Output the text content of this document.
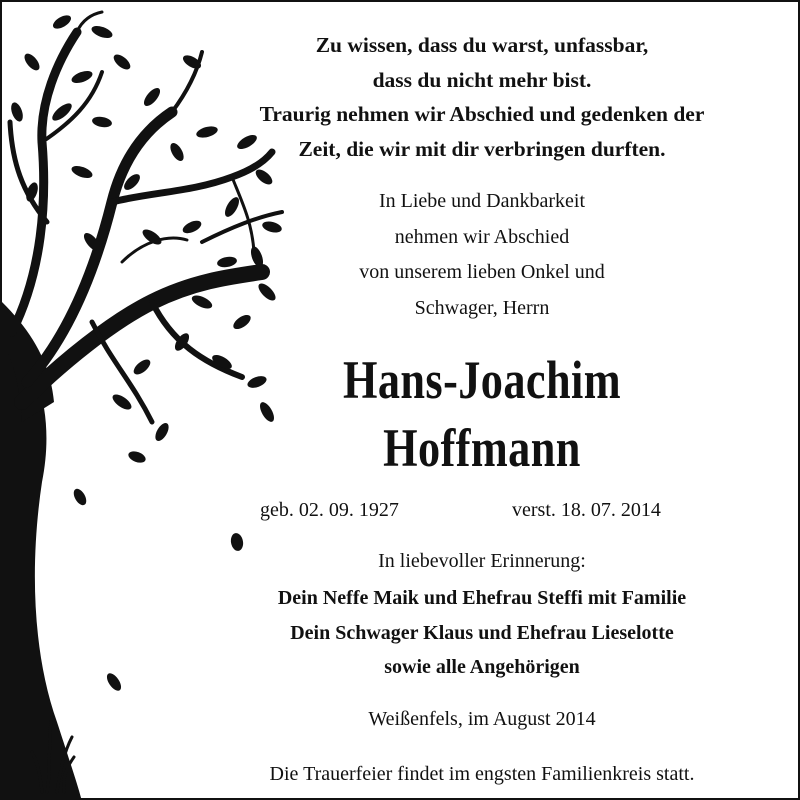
Zu wissen, dass du warst, unfassbar,
dass du nicht mehr bist.
Traurig nehmen wir Abschied und gedenken der
Zeit, die wir mit dir verbringen durften.
In Liebe und Dankbarkeit
nehmen wir Abschied
von unserem lieben Onkel und
Schwager, Herrn
Hans-Joachim
Hoffmann
geb. 02. 09. 1927	verst. 18. 07. 2014
In liebevoller Erinnerung:
Dein Neffe Maik und Ehefrau Steffi mit Familie
Dein Schwager Klaus und Ehefrau Lieselotte
sowie alle Angehörigen
Weißenfels, im August 2014
Die Trauerfeier findet im engsten Familienkreis statt.
